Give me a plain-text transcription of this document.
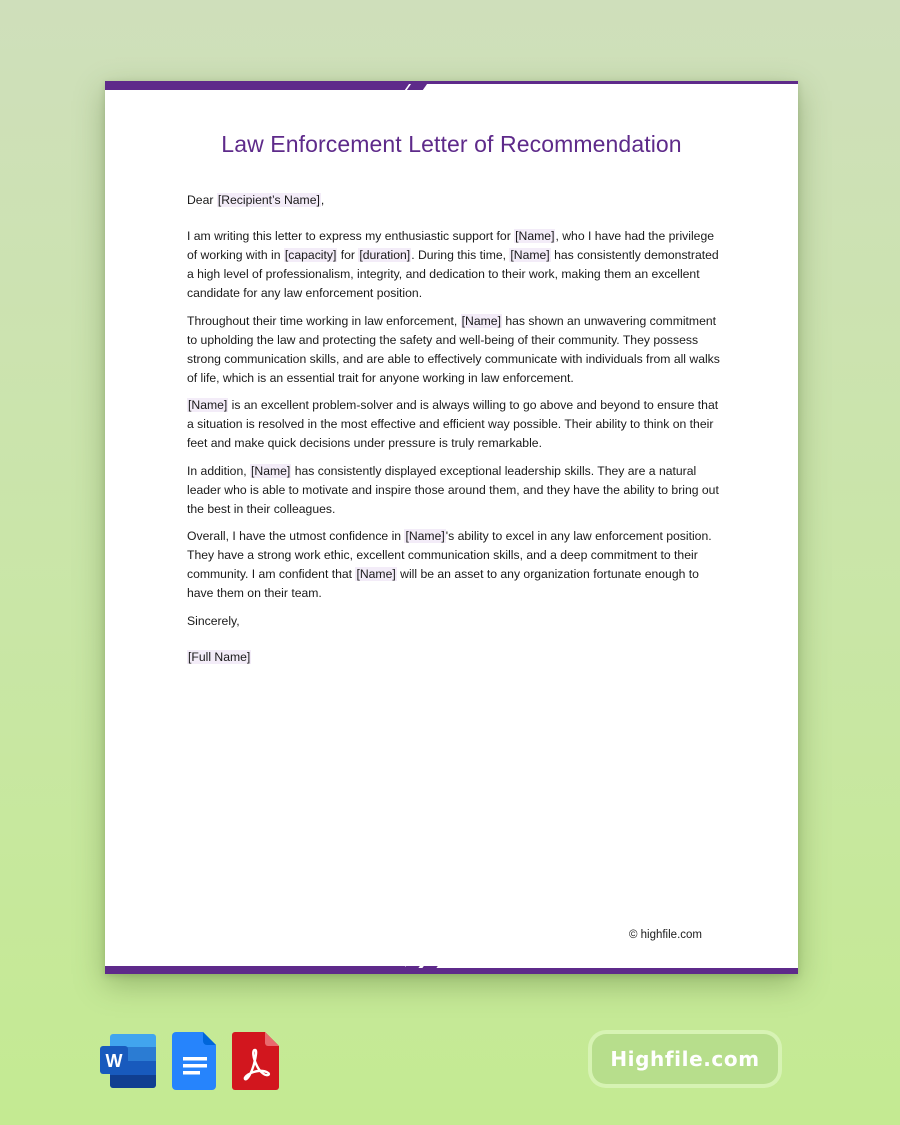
Law Enforcement Letter of Recommendation

Dear [Recipient’s Name],

I am writing this letter to express my enthusiastic support for [Name], who I have had the privilege of working with in [capacity] for [duration]. During this time, [Name] has consistently demonstrated a high level of professionalism, integrity, and dedication to their work, making them an excellent candidate for any law enforcement position.

Throughout their time working in law enforcement, [Name] has shown an unwavering commitment to upholding the law and protecting the safety and well-being of their community. They possess strong communication skills, and are able to effectively communicate with individuals from all walks of life, which is an essential trait for anyone working in law enforcement.

[Name] is an excellent problem-solver and is always willing to go above and beyond to ensure that a situation is resolved in the most effective and efficient way possible. Their ability to think on their feet and make quick decisions under pressure is truly remarkable.

In addition, [Name] has consistently displayed exceptional leadership skills. They are a natural leader who is able to motivate and inspire those around them, and they have the ability to bring out the best in their colleagues.

Overall, I have the utmost confidence in [Name]'s ability to excel in any law enforcement position. They have a strong work ethic, excellent communication skills, and a deep commitment to their community. I am confident that [Name] will be an asset to any organization fortunate enough to have them on their team.

Sincerely,

[Full Name]

© highfile.com
W	Highfile.com
